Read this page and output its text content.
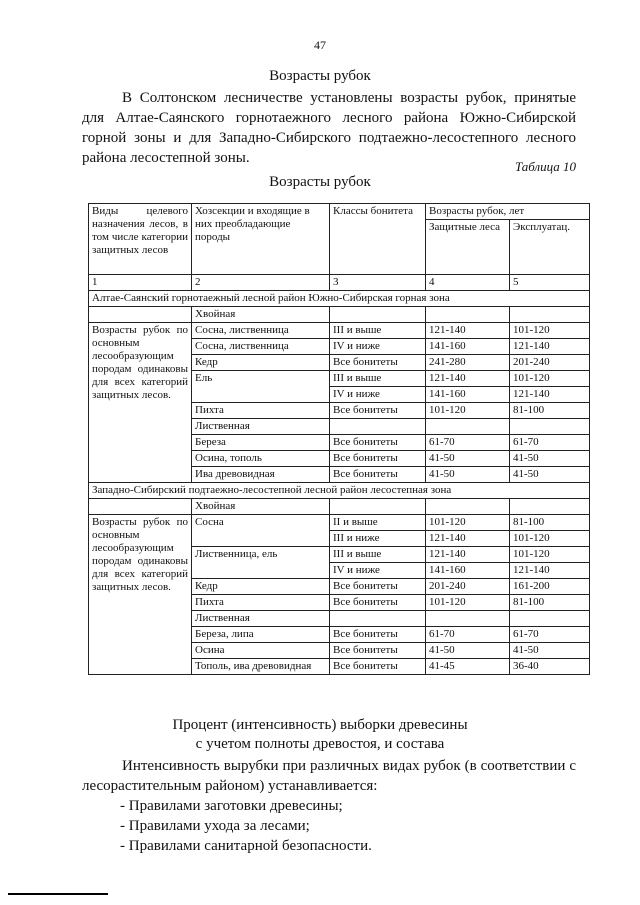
47
Возрасты рубок
В Солтонском лесничестве установлены возрасты рубок, принятые для Алтае-Саянского горнотаежного лесного района Южно-Сибирской горной зоны и для Западно-Сибирского подтаежно-лесостепного лесного района лесостепной зоны.
Таблица 10
Возрасты рубок
Виды целевого назначения лесов, в том числе категории защитных лесов	Хозсекции и входящие в них преобладающие породы	Классы бонитета	Возрасты рубок, лет	
			Защитные леса	Эксплуатац.
1	2	3	4	5
Алтае-Саянский горнотаежный лесной район Южно-Сибирская горная зона				
	Хвойная			
Возрасты рубок по основным лесообразующим породам одинаковы для всех категорий защитных лесов.	Сосна, лиственница	III и выше	121-140	101-120
	Сосна, лиственница	IV и ниже	141-160	121-140
	Кедр	Все бонитеты	241-280	201-240
	Ель	III и выше	121-140	101-120
		IV и ниже	141-160	121-140
	Пихта	Все бонитеты	101-120	81-100
	Лиственная			
	Береза	Все бонитеты	61-70	61-70
	Осина, тополь	Все бонитеты	41-50	41-50
	Ива древовидная	Все бонитеты	41-50	41-50
Западно-Сибирский подтаежно-лесостепной лесной район лесостепная зона				
	Хвойная			
Возрасты рубок по основным лесообразующим породам одинаковы для всех категорий защитных лесов.	Сосна	II и выше	101-120	81-100
		III и ниже	121-140	101-120
	Лиственница, ель	III и выше	121-140	101-120
		IV и ниже	141-160	121-140
	Кедр	Все бонитеты	201-240	161-200
	Пихта	Все бонитеты	101-120	81-100
	Лиственная			
	Береза, липа	Все бонитеты	61-70	61-70
	Осина	Все бонитеты	41-50	41-50
	Тополь, ива древовидная	Все бонитеты	41-45	36-40
Процент (интенсивность) выборки древесины
с учетом полноты древостоя, и состава
Интенсивность вырубки при различных видах рубок (в соответствии с лесорастительным районом) устанавливается:
- Правилами заготовки древесины;
- Правилами ухода за лесами;
- Правилами санитарной безопасности.
